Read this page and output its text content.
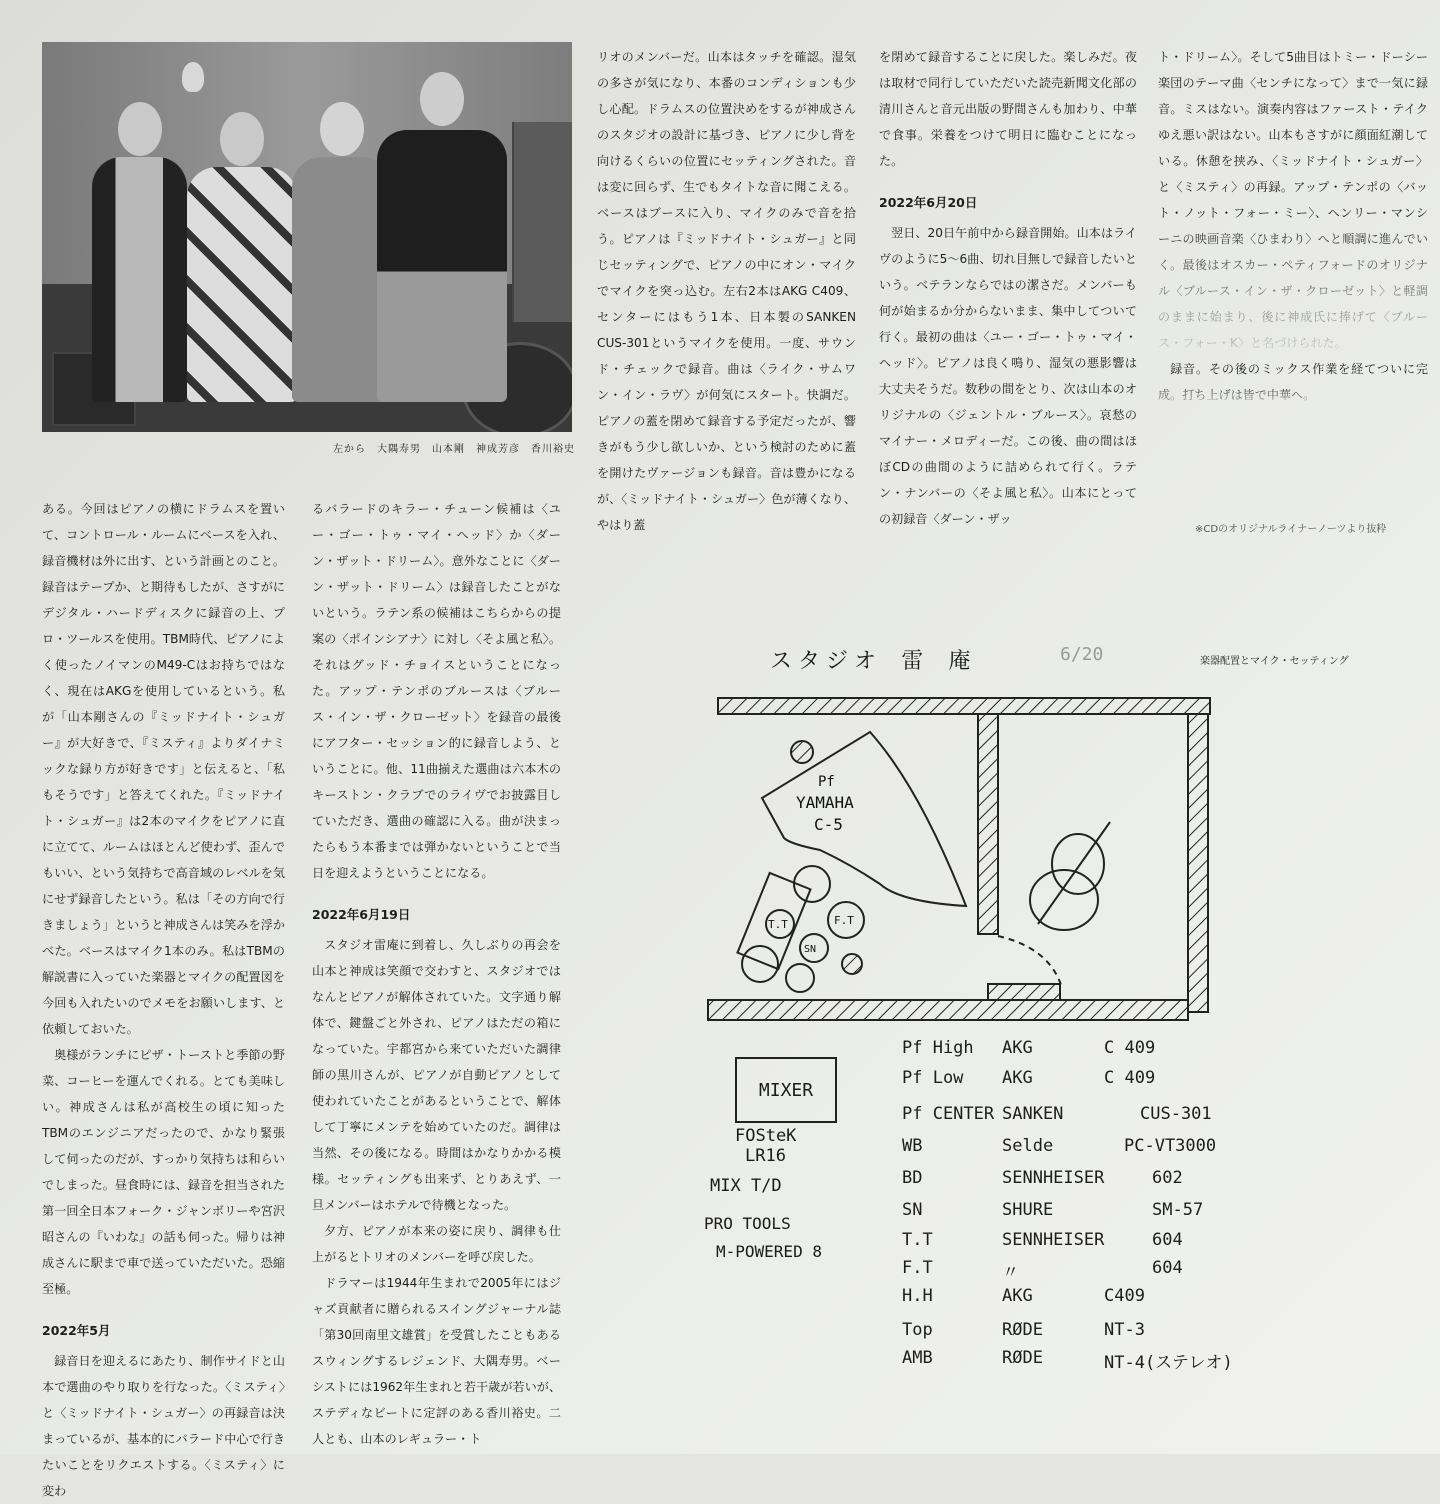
左から　大隅寿男　山本剛　神成芳彦　香川裕史

ある。今回はピアノの横にドラムスを置いて、コントロール・ルームにベースを入れ、録音機材は外に出す、という計画とのこと。録音はテープか、と期待もしたが、さすがにデジタル・ハードディスクに録音の上、プロ・ツールスを使用。TBM時代、ピアノによく使ったノイマンのM49-Cはお持ちではなく、現在はAKGを使用しているという。私が「山本剛さんの『ミッドナイト・シュガー』が大好きで、『ミスティ』よりダイナミックな録り方が好きです」と伝えると、「私もそうです」と答えてくれた。『ミッドナイト・シュガー』は2本のマイクをピアノに直に立てて、ルームはほとんど使わず、歪んでもいい、という気持ちで高音域のレベルを気にせず録音したという。私は「その方向で行きましょう」というと神成さんは笑みを浮かべた。ベースはマイク1本のみ。私はTBMの解説書に入っていた楽器とマイクの配置図を今回も入れたいのでメモをお願いします、と依頼しておいた。

奥様がランチにピザ・トーストと季節の野菜、コーヒーを運んでくれる。とても美味しい。神成さんは私が高校生の頃に知ったTBMのエンジニアだったので、かなり緊張して伺ったのだが、すっかり気持ちは和らいでしまった。昼食時には、録音を担当された第一回全日本フォーク・ジャンボリーや宮沢昭さんの『いわな』の話も伺った。帰りは神成さんに駅まで車で送っていただいた。恐縮至極。

2022年5月

録音日を迎えるにあたり、制作サイドと山本で選曲のやり取りを行なった。〈ミスティ〉と〈ミッドナイト・シュガー〉の再録音は決まっているが、基本的にバラード中心で行きたいことをリクエストする。〈ミスティ〉に変わ

るバラードのキラー・チューン候補は〈ユー・ゴー・トゥ・マイ・ヘッド〉か〈ダーン・ザット・ドリーム〉。意外なことに〈ダーン・ザット・ドリーム〉は録音したことがないという。ラテン系の候補はこちらからの提案の〈ポインシアナ〉に対し〈そよ風と私〉。それはグッド・チョイスということになった。アップ・テンポのブルースは〈ブルース・イン・ザ・クローゼット〉を録音の最後にアフター・セッション的に録音しよう、ということに。他、11曲揃えた選曲は六本木のキーストン・クラブでのライヴでお披露目していただき、選曲の確認に入る。曲が決まったらもう本番までは弾かないということで当日を迎えようということになる。

2022年6月19日

スタジオ雷庵に到着し、久しぶりの再会を山本と神成は笑顔で交わすと、スタジオではなんとピアノが解体されていた。文字通り解体で、鍵盤ごと外され、ピアノはただの箱になっていた。宇都宮から来ていただいた調律師の黒川さんが、ピアノが自動ピアノとして使われていたことがあるということで、解体して丁寧にメンテを始めていたのだ。調律は当然、その後になる。時間はかなりかかる模様。セッティングも出来ず、とりあえず、一旦メンバーはホテルで待機となった。

夕方、ピアノが本来の姿に戻り、調律も仕上がるとトリオのメンバーを呼び戻した。

ドラマーは1944年生まれで2005年にはジャズ貢献者に贈られるスイングジャーナル誌「第30回南里文雄賞」を受賞したこともあるスウィングするレジェンド、大隅寿男。ベーシストには1962年生まれと若干歳が若いが、ステディなビートに定評のある香川裕史。二人とも、山本のレギュラー・ト

リオのメンバーだ。山本はタッチを確認。湿気の多さが気になり、本番のコンディションも少し心配。ドラムスの位置決めをするが神成さんのスタジオの設計に基づき、ピアノに少し背を向けるくらいの位置にセッティングされた。音は変に回らず、生でもタイトな音に聞こえる。ベースはブースに入り、マイクのみで音を拾う。ピアノは『ミッドナイト・シュガー』と同じセッティングで、ピアノの中にオン・マイクでマイクを突っ込む。左右2本はAKG C409、センターにはもう1本、日本製のSANKEN CUS-301というマイクを使用。一度、サウンド・チェックで録音。曲は〈ライク・サムワン・イン・ラヴ〉が何気にスタート。快調だ。ピアノの蓋を閉めて録音する予定だったが、響きがもう少し欲しいか、という検討のために蓋を開けたヴァージョンも録音。音は豊かになるが、〈ミッドナイト・シュガー〉色が薄くなり、やはり蓋

を閉めて録音することに戻した。楽しみだ。夜は取材で同行していただいた読売新聞文化部の清川さんと音元出版の野間さんも加わり、中華で食事。栄養をつけて明日に臨むことになった。

2022年6月20日

翌日、20日午前中から録音開始。山本はライヴのように5〜6曲、切れ目無しで録音したいという。ベテランならではの潔さだ。メンバーも何が始まるか分からないまま、集中してついて行く。最初の曲は〈ユー・ゴー・トゥ・マイ・ヘッド〉。ピアノは良く鳴り、湿気の悪影響は大丈夫そうだ。数秒の間をとり、次は山本のオリジナルの〈ジェントル・ブルース〉。哀愁のマイナー・メロディーだ。この後、曲の間はほぼCDの曲間のように詰められて行く。ラテン・ナンバーの〈そよ風と私〉。山本にとっての初録音〈ダーン・ザッ

ト・ドリーム〉。そして5曲目はトミー・ドーシー楽団のテーマ曲〈センチになって〉まで一気に録音。ミスはない。演奏内容はファースト・テイクゆえ悪い訳はない。山本もさすがに顔面紅潮している。休憩を挟み、〈ミッドナイト・シュガー〉と〈ミスティ〉の再録。アップ・テンポの〈バット・ノット・フォー・ミー〉、ヘンリー・マンシーニの映画音楽〈ひまわり〉へと順調に進んでいく。最後はオスカー・ペティフォードのオリジナル〈ブルース・イン・ザ・クローゼット〉と軽調のままに始まり、後に神成氏に捧げて〈ブルース・フォー・K〉と名づけられた。

録音。その後のミックス作業を経てついに完成。打ち上げは皆で中華へ。

※CDのオリジナルライナーノーツより抜粋
スタジオ 雷 庵	6/20	楽器配置とマイク・セッティング
Pf
YAMAHA
C-5
T.T	F.T
SN
MIXER
FOSteK
LR16
MIX T/D
PRO TOOLS
M-POWERED 8
Pf High AKG	C 409
Pf Low AKG	C 409
Pf CENTER SANKEN	CUS-301
WB	Selde	PC-VT3000
BD	SENNHEISER	602
SN	SHURE	SM-57
T.T	SENNHEISER	604
F.T	〃	604
H.H	AKG	C409
Top	RØDE	NT-3
AMB	RØDE	NT-4(ステレオ)
